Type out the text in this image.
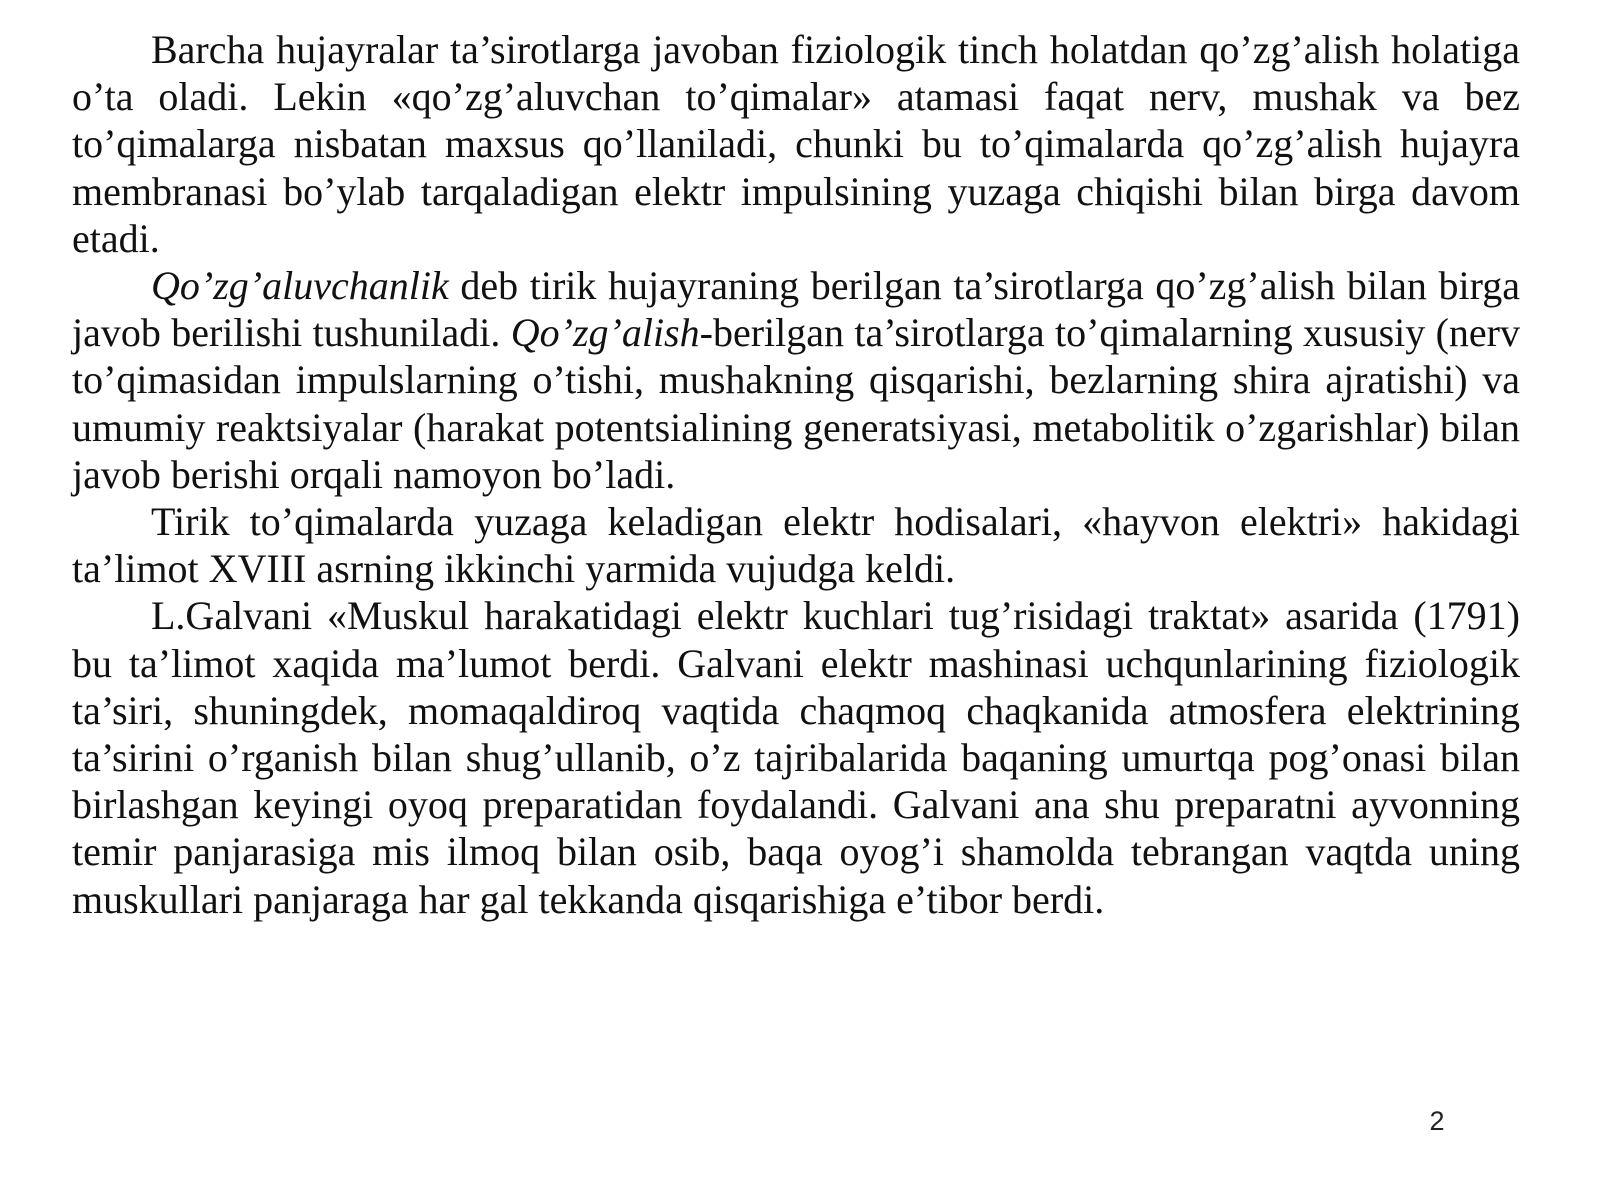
Barcha hujayralar ta’sirotlarga javoban fiziologik tinch holatdan qo’zg’alish holatiga o’ta oladi. Lekin «qo’zg’aluvchan to’qimalar» atamasi faqat nerv, mushak va bez to’qimalarga nisbatan maxsus qo’llaniladi, chunki bu to’qimalarda qo’zg’alish hujayra membranasi bo’ylab tarqaladigan elektr impulsining yuzaga chiqishi bilan birga davom etadi.

Qo’zg’aluvchanlik deb tirik hujayraning berilgan ta’sirotlarga qo’zg’alish bilan birga javob berilishi tushuniladi. Qo’zg’alish-berilgan ta’sirotlarga to’qimalarning xususiy (nerv to’qimasidan impulslarning o’tishi, mushakning qisqarishi, bezlarning shira ajratishi) va umumiy reaktsiyalar (harakat potentsialining generatsiyasi, metabolitik o’zgarishlar) bilan javob berishi orqali namoyon bo’ladi.

Tirik to’qimalarda yuzaga keladigan elektr hodisalari, «hayvon elektri» hakidagi ta’limot XVIII asrning ikkinchi yarmida vujudga keldi.

L.Galvani «Muskul harakatidagi elektr kuchlari tug’risidagi traktat» asarida (1791) bu ta’limot xaqida ma’lumot berdi. Galvani elektr mashinasi uchqunlarining fiziologik ta’siri, shuningdek, momaqaldiroq vaqtida chaqmoq chaqkanida atmosfera elektrining ta’sirini o’rganish bilan shug’ullanib, o’z tajribalarida baqaning umurtqa pog’onasi bilan birlashgan keyingi oyoq preparatidan foydalandi. Galvani ana shu preparatni ayvonning temir panjarasiga mis ilmoq bilan osib, baqa oyog’i shamolda tebrangan vaqtda uning muskullari panjaraga har gal tekkanda qisqarishiga e’tibor berdi.

2
